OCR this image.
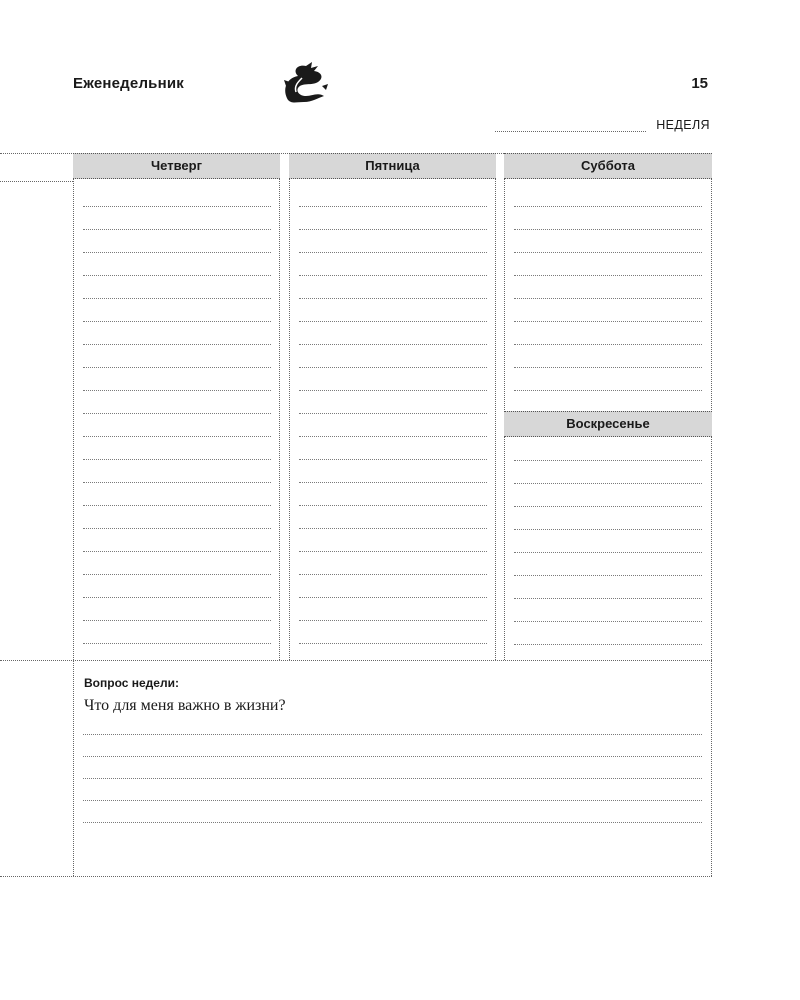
Еженедельник	15
НЕДЕЛЯ
Четверг	Пятница	Суббота
Воскресенье
Вопрос недели:
Что для меня важно в жизни?
